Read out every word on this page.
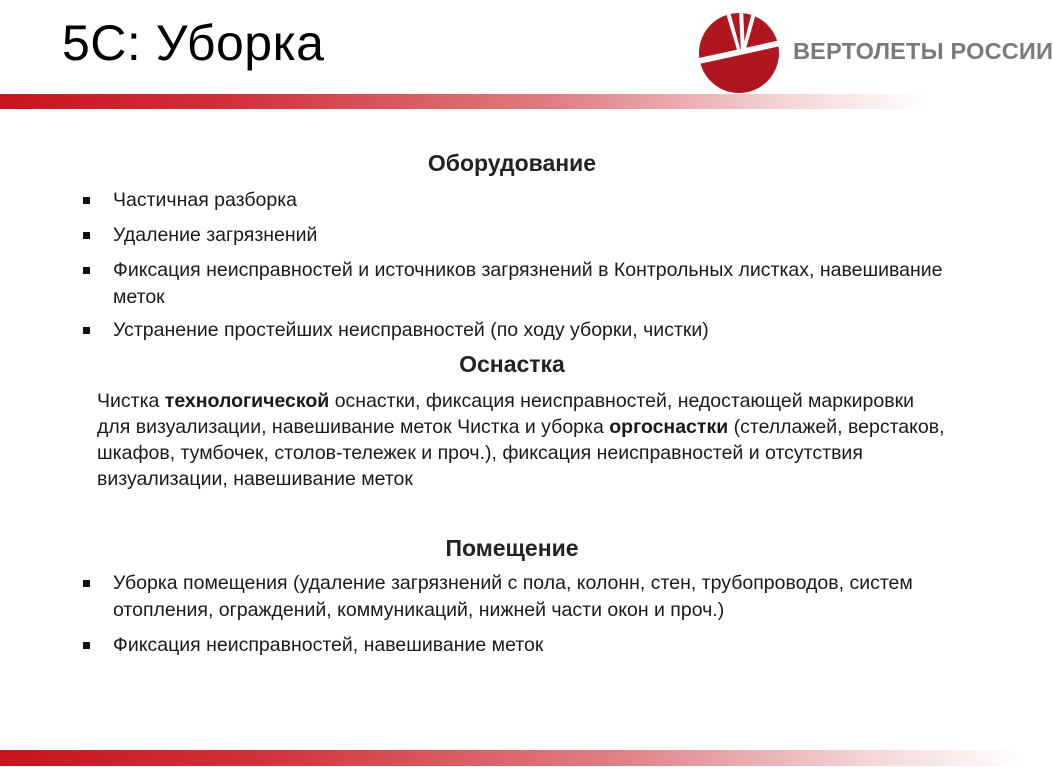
5С: Уборка	ВЕРТОЛЕТЫ РОССИИ
Оборудование
Частичная разборка
Удаление загрязнений
Фиксация неисправностей и источников загрязнений в Контрольных листках, навешивание меток
Устранение простейших неисправностей (по ходу уборки, чистки)
Оснастка
Чистка технологической оснастки, фиксация неисправностей, недостающей маркировки для визуализации, навешивание меток Чистка и уборка оргоснастки (стеллажей, верстаков, шкафов, тумбочек, столов-тележек и проч.), фиксация неисправностей и отсутствия визуализации, навешивание меток
Помещение
Уборка помещения (удаление загрязнений с пола, колонн, стен, трубопроводов, систем отопления, ограждений, коммуникаций, нижней части окон и проч.)
Фиксация неисправностей, навешивание меток
